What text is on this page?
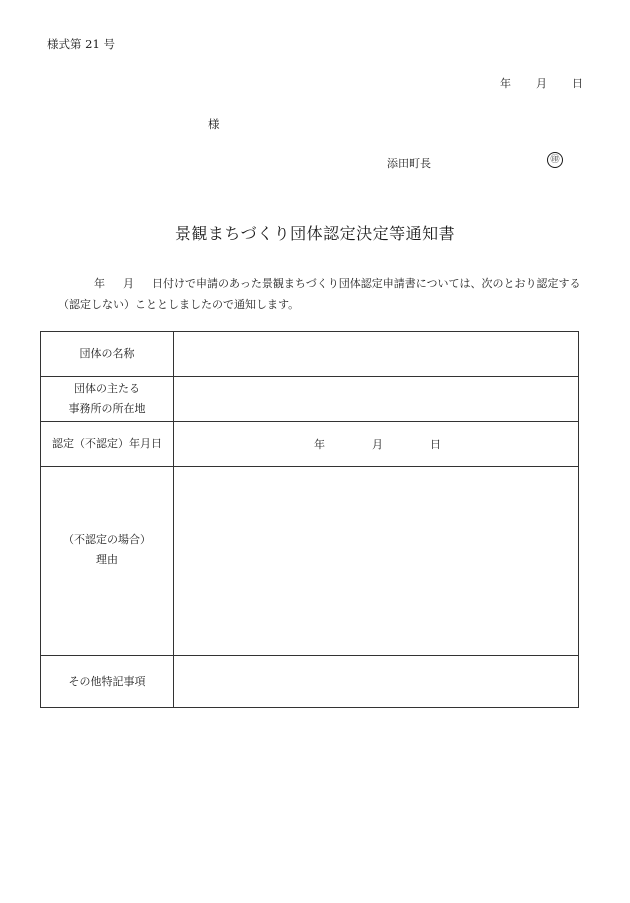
様式第 21 号
年 月 日
様
添田町長	㊞
景観まちづくり団体認定決定等通知書
年 月 日付けで申請のあった景観まちづくり団体認定申請書については、次のとおり認定する（認定しない）こととしましたので通知します。
団体の名称	

団体の主たる
事務所の所在地	

認定（不認定）年月日	年 月 日

（不認定の場合）
理由	

その他特記事項	
